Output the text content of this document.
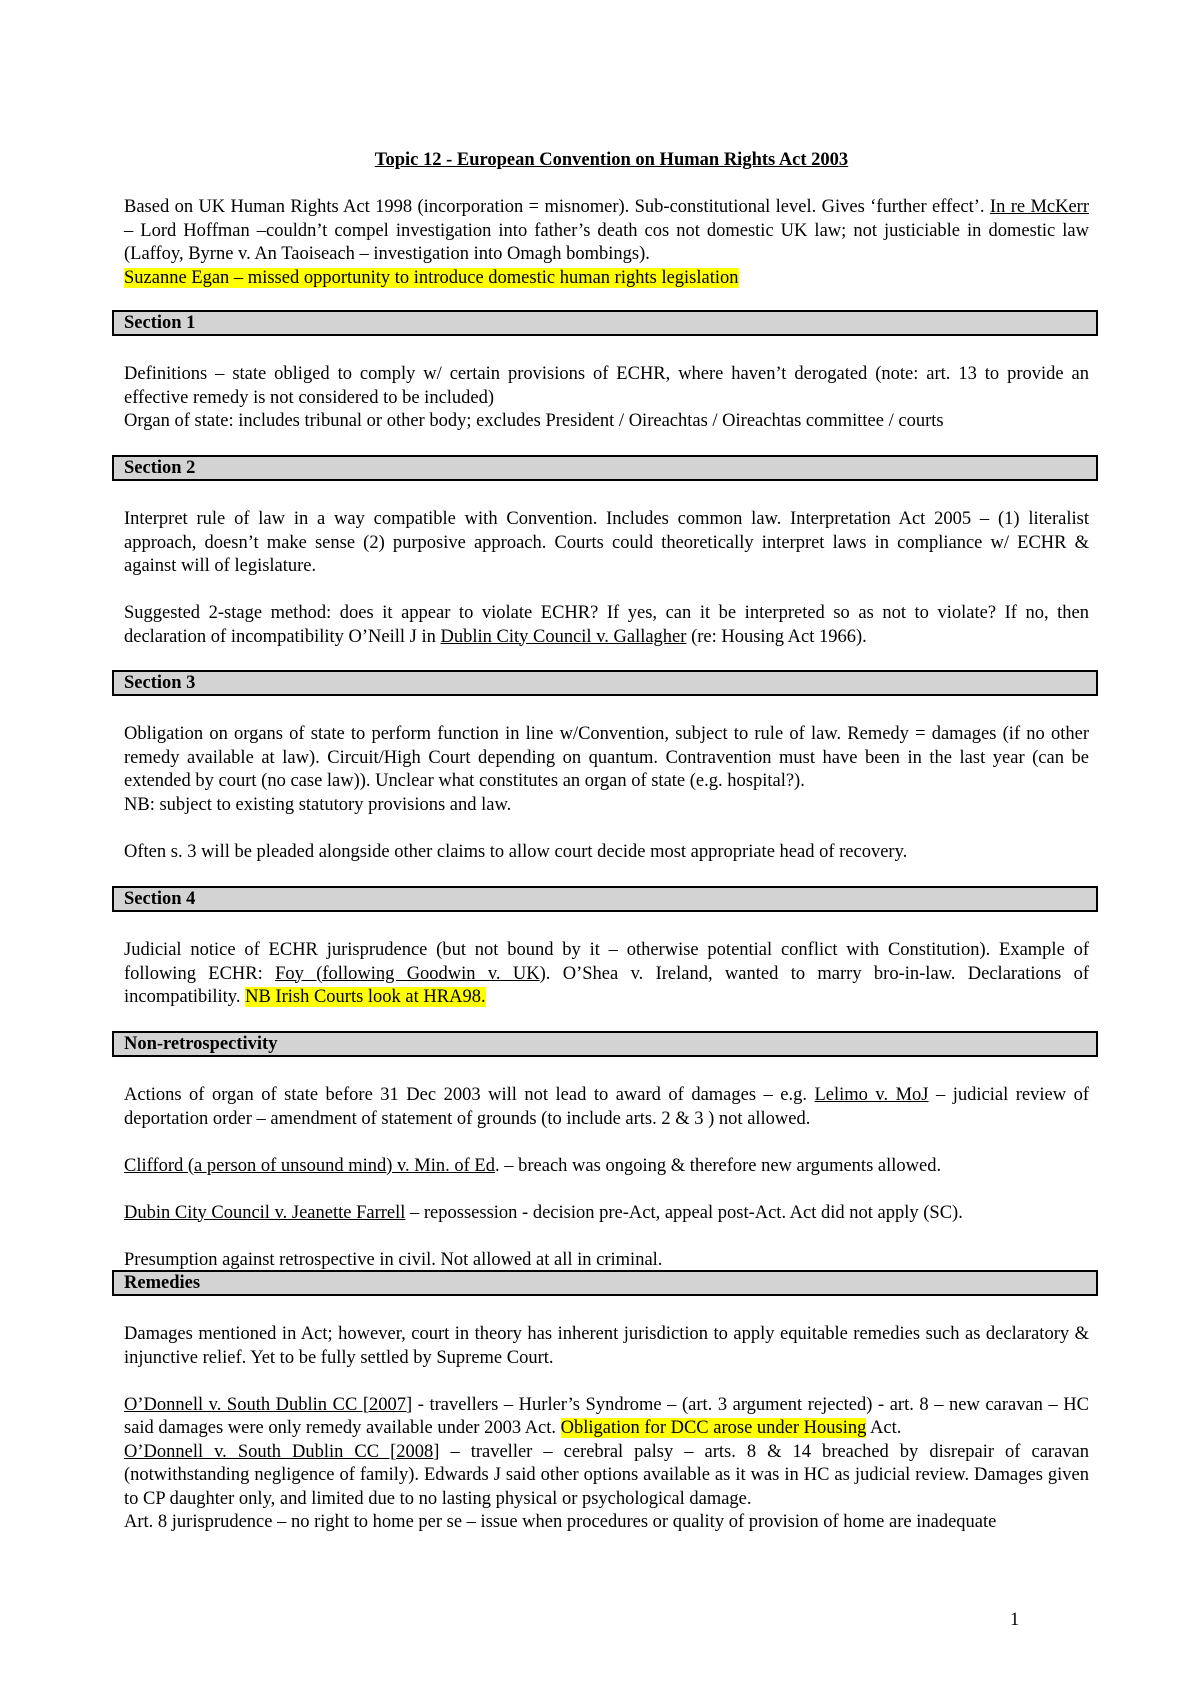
Topic 12 - European Convention on Human Rights Act 2003

Based on UK Human Rights Act 1998 (incorporation = misnomer). Sub-constitutional level. Gives ‘further effect’. In re McKerr – Lord Hoffman –couldn’t compel investigation into father’s death cos not domestic UK law; not justiciable in domestic law (Laffoy, Byrne v. An Taoiseach – investigation into Omagh bombings).

Suzanne Egan – missed opportunity to introduce domestic human rights legislation

Section 1

Definitions – state obliged to comply w/ certain provisions of ECHR, where haven’t derogated (note: art. 13 to provide an effective remedy is not considered to be included)

Organ of state: includes tribunal or other body; excludes President / Oireachtas / Oireachtas committee / courts

Section 2

Interpret rule of law in a way compatible with Convention. Includes common law. Interpretation Act 2005 – (1) literalist approach, doesn’t make sense (2) purposive approach. Courts could theoretically interpret laws in compliance w/ ECHR & against will of legislature.

Suggested 2-stage method: does it appear to violate ECHR? If yes, can it be interpreted so as not to violate? If no, then declaration of incompatibility O’Neill J in Dublin City Council v. Gallagher (re: Housing Act 1966).

Section 3

Obligation on organs of state to perform function in line w/Convention, subject to rule of law. Remedy = damages (if no other remedy available at law). Circuit/High Court depending on quantum. Contravention must have been in the last year (can be extended by court (no case law)). Unclear what constitutes an organ of state (e.g. hospital?).

NB: subject to existing statutory provisions and law.

Often s. 3 will be pleaded alongside other claims to allow court decide most appropriate head of recovery.

Section 4

Judicial notice of ECHR jurisprudence (but not bound by it – otherwise potential conflict with Constitution). Example of following ECHR: Foy (following Goodwin v. UK). O’Shea v. Ireland, wanted to marry bro-in-law. Declarations of incompatibility. NB Irish Courts look at HRA98.

Non-retrospectivity

Actions of organ of state before 31 Dec 2003 will not lead to award of damages – e.g. Lelimo v. MoJ – judicial review of deportation order – amendment of statement of grounds (to include arts. 2 & 3 ) not allowed.

Clifford (a person of unsound mind) v. Min. of Ed. – breach was ongoing & therefore new arguments allowed.

Dubin City Council v. Jeanette Farrell – repossession - decision pre-Act, appeal post-Act. Act did not apply (SC).

Presumption against retrospective in civil. Not allowed at all in criminal.

Remedies

Damages mentioned in Act; however, court in theory has inherent jurisdiction to apply equitable remedies such as declaratory & injunctive relief. Yet to be fully settled by Supreme Court.

O’Donnell v. South Dublin CC [2007] - travellers – Hurler’s Syndrome – (art. 3 argument rejected) - art. 8 – new caravan – HC said damages were only remedy available under 2003 Act. Obligation for DCC arose under Housing Act.

O’Donnell v. South Dublin CC [2008] – traveller – cerebral palsy – arts. 8 & 14 breached by disrepair of caravan (notwithstanding negligence of family). Edwards J said other options available as it was in HC as judicial review. Damages given to CP daughter only, and limited due to no lasting physical or psychological damage.

Art. 8 jurisprudence – no right to home per se – issue when procedures or quality of provision of home are inadequate

1
